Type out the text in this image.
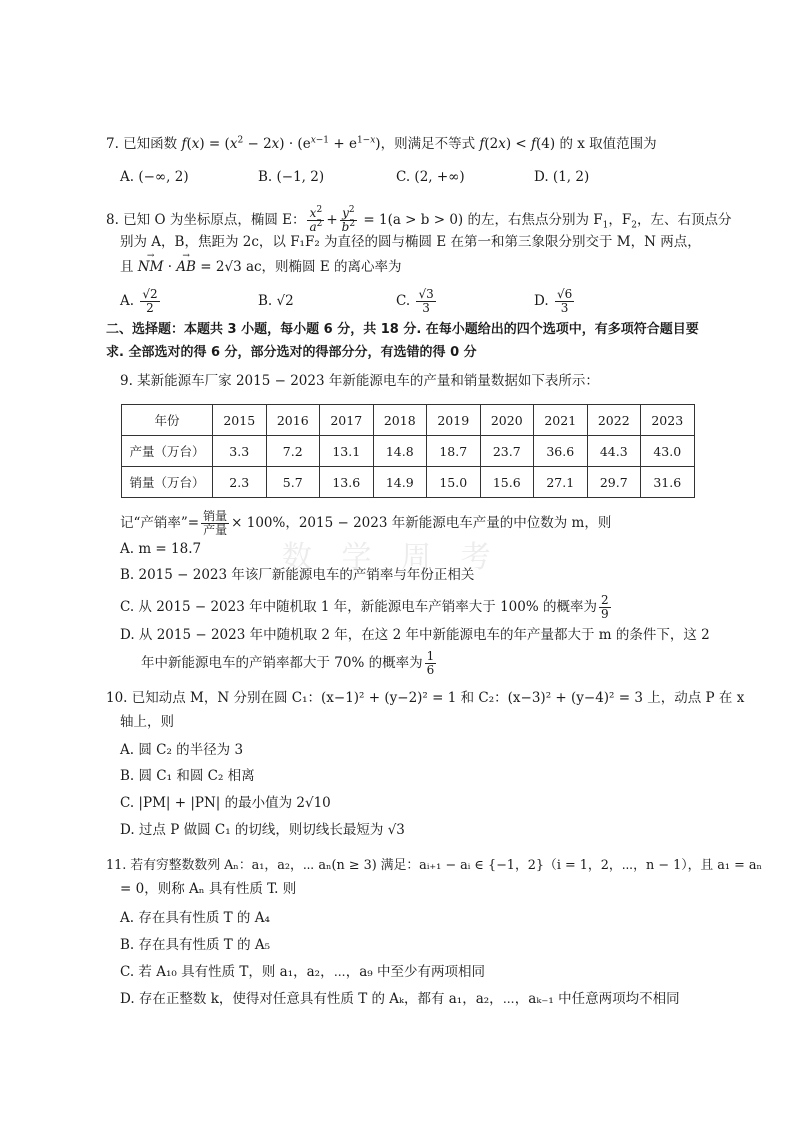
数 学 周 考
7. 已知函数 $f(x) = (x^2 - 2x) \cdot (e^{x-1} + e^{1-x})$，则满足不等式 f(2x) < f(4) 的 x 取值范围为
A. (−∞, 2)	B. (−1, 2)	C. (2, +∞)	D. (1, 2)
8. 已知 O 为坐标原点，椭圆 E： $\frac{x^2}{a^2} + \frac{y^2}{b^2} = 1(a > b > 0)$ 的左，右焦点分别为 $F_1$，$F_2$，左、右顶点分
别为 A，B，焦距为 2c，以 F₁F₂ 为直径的圆与椭圆 E 在第一和第三象限分别交于 M，N 两点，
且 → NM · → AB = 2√3 ac，则椭圆 E 的离心率为
A. $\frac{√2}{2}$	B. √2	C. $\frac{√3}{3}$	D. $\frac{√6}{3}$
二、选择题：本题共 3 小题，每小题 6 分，共 18 分. 在每小题给出的四个选项中，有多项符合题目要
求. 全部选对的得 6 分，部分选对的得部分分，有选错的得 0 分
9. 某新能源车厂家 2015 − 2023 年新能源电车的产量和销量数据如下表所示：
年份	2015	2016	2017	2018	2019	2020	2021	2022	2023
产量（万台）	3.3	7.2	13.1	14.8	18.7	23.7	36.6	44.3	43.0
销量（万台）	2.3	5.7	13.6	14.9	15.0	15.6	27.1	29.7	31.6
记“产销率”= $\frac{\text{销量}}{\text{产量}} \times 100\%$，2015 − 2023 年新能源电车产量的中位数为 m，则
A. m = 18.7
B. 2015 − 2023 年该厂新能源电车的产销率与年份正相关
C. 从 2015 − 2023 年中随机取 1 年，新能源电车产销率大于 100% 的概率为 $\frac{2}{9}$
D. 从 2015 − 2023 年中随机取 2 年，在这 2 年中新能源电车的年产量都大于 m 的条件下，这 2
年中新能源电车的产销率都大于 70% 的概率为 $\frac{1}{6}$
10. 已知动点 M，N 分别在圆 C₁：(x−1)² + (y−2)² = 1 和 C₂：(x−3)² + (y−4)² = 3 上，动点 P 在 x
轴上，则
A. 圆 C₂ 的半径为 3
B. 圆 C₁ 和圆 C₂ 相离
C. |PM| + |PN| 的最小值为 2√10
D. 过点 P 做圆 C₁ 的切线，则切线长最短为 √3
11. 若有穷整数数列 Aₙ：a₁，a₂，⋯ aₙ(n ≥ 3) 满足：aᵢ₊₁ − aᵢ ∈ {−1，2}（i = 1，2，⋯，n − 1），且 a₁ = aₙ
= 0，则称 Aₙ 具有性质 T. 则
A. 存在具有性质 T 的 A₄
B. 存在具有性质 T 的 A₅
C. 若 A₁₀ 具有性质 T，则 a₁，a₂，⋯，a₉ 中至少有两项相同
D. 存在正整数 k，使得对任意具有性质 T 的 Aₖ，都有 a₁，a₂，⋯，aₖ₋₁ 中任意两项均不相同
